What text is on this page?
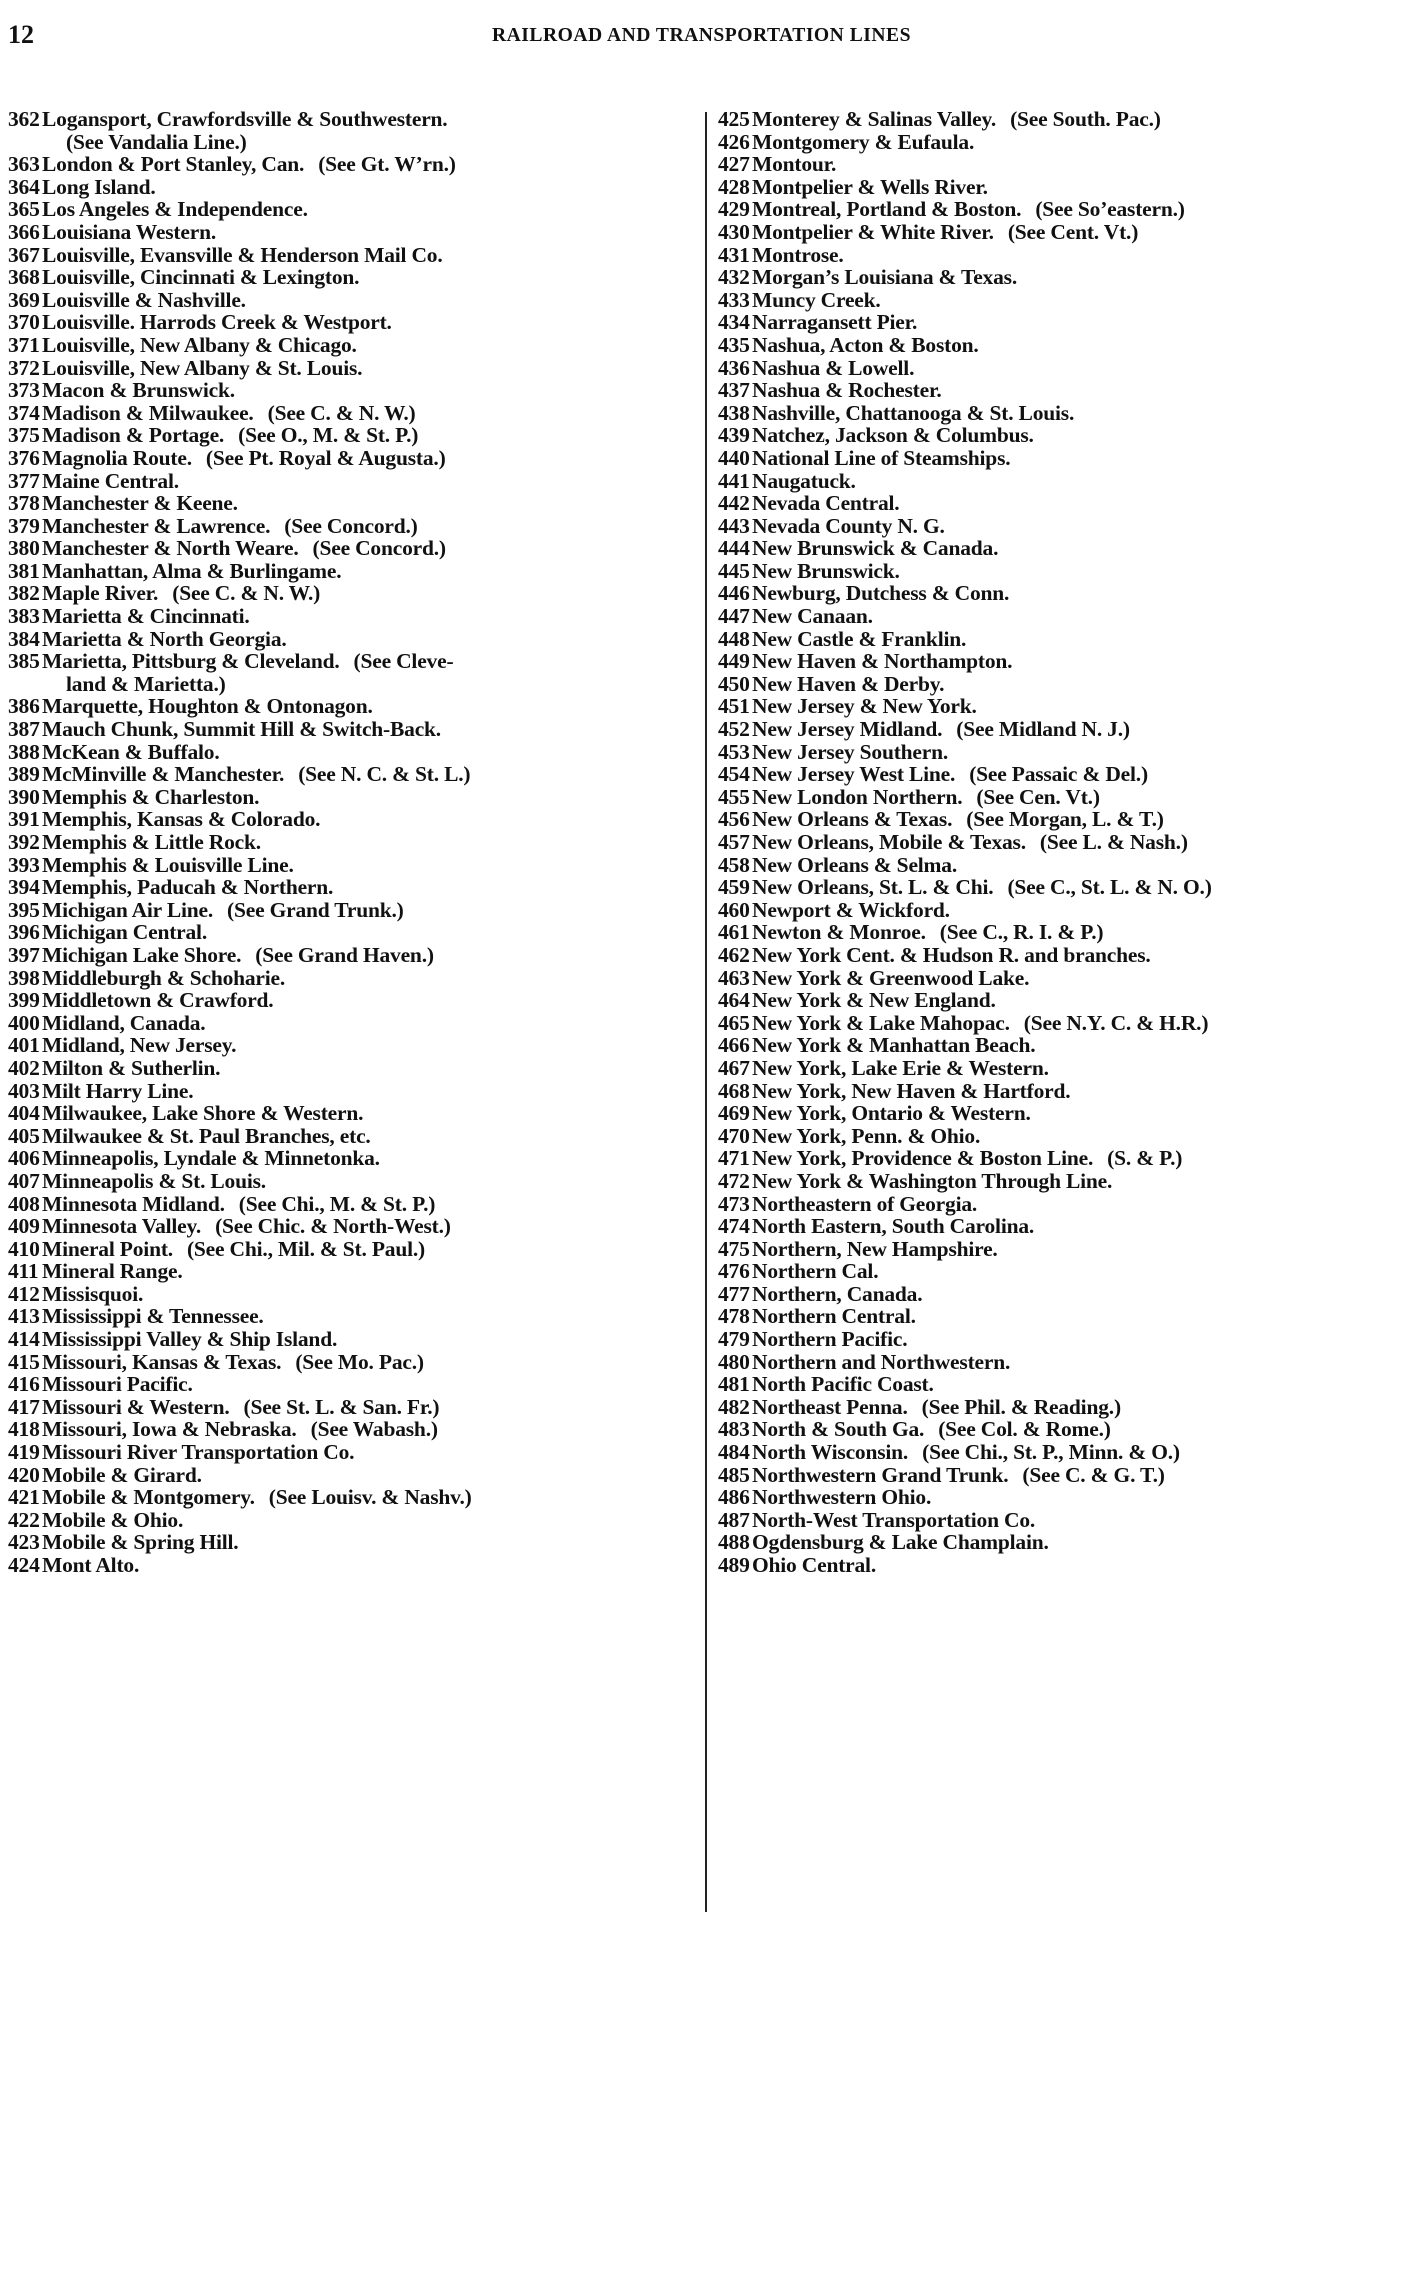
12	RAILROAD AND TRANSPORTATION LINES
362 Logansport, Crawfordsville & Southwestern.
(See Vandalia Line.)
363 London & Port Stanley, Can. (See Gt. W’rn.)
364 Long Island.
365 Los Angeles & Independence.
366 Louisiana Western.
367 Louisville, Evansville & Henderson Mail Co.
368 Louisville, Cincinnati & Lexington.
369 Louisville & Nashville.
370 Louisville. Harrods Creek & Westport.
371 Louisville, New Albany & Chicago.
372 Louisville, New Albany & St. Louis.
373 Macon & Brunswick.
374 Madison & Milwaukee. (See C. & N. W.)
375 Madison & Portage. (See O., M. & St. P.)
376 Magnolia Route. (See Pt. Royal & Augusta.)
377 Maine Central.
378 Manchester & Keene.
379 Manchester & Lawrence. (See Concord.)
380 Manchester & North Weare. (See Concord.)
381 Manhattan, Alma & Burlingame.
382 Maple River. (See C. & N. W.)
383 Marietta & Cincinnati.
384 Marietta & North Georgia.
385 Marietta, Pittsburg & Cleveland. (See Cleve-
land & Marietta.)
386 Marquette, Houghton & Ontonagon.
387 Mauch Chunk, Summit Hill & Switch-Back.
388 McKean & Buffalo.
389 McMinville & Manchester. (See N. C. & St. L.)
390 Memphis & Charleston.
391 Memphis, Kansas & Colorado.
392 Memphis & Little Rock.
393 Memphis & Louisville Line.
394 Memphis, Paducah & Northern.
395 Michigan Air Line. (See Grand Trunk.)
396 Michigan Central.
397 Michigan Lake Shore. (See Grand Haven.)
398 Middleburgh & Schoharie.
399 Middletown & Crawford.
400 Midland, Canada.
401 Midland, New Jersey.
402 Milton & Sutherlin.
403 Milt Harry Line.
404 Milwaukee, Lake Shore & Western.
405 Milwaukee & St. Paul Branches, etc.
406 Minneapolis, Lyndale & Minnetonka.
407 Minneapolis & St. Louis.
408 Minnesota Midland. (See Chi., M. & St. P.)
409 Minnesota Valley. (See Chic. & North-West.)
410 Mineral Point. (See Chi., Mil. & St. Paul.)
411 Mineral Range.
412 Missisquoi.
413 Mississippi & Tennessee.
414 Mississippi Valley & Ship Island.
415 Missouri, Kansas & Texas. (See Mo. Pac.)
416 Missouri Pacific.
417 Missouri & Western. (See St. L. & San. Fr.)
418 Missouri, Iowa & Nebraska. (See Wabash.)
419 Missouri River Transportation Co.
420 Mobile & Girard.
421 Mobile & Montgomery. (See Louisv. & Nashv.)
422 Mobile & Ohio.
423 Mobile & Spring Hill.
424 Mont Alto.
425 Monterey & Salinas Valley. (See South. Pac.)
426 Montgomery & Eufaula.
427 Montour.
428 Montpelier & Wells River.
429 Montreal, Portland & Boston. (See So’eastern.)
430 Montpelier & White River. (See Cent. Vt.)
431 Montrose.
432 Morgan’s Louisiana & Texas.
433 Muncy Creek.
434 Narragansett Pier.
435 Nashua, Acton & Boston.
436 Nashua & Lowell.
437 Nashua & Rochester.
438 Nashville, Chattanooga & St. Louis.
439 Natchez, Jackson & Columbus.
440 National Line of Steamships.
441 Naugatuck.
442 Nevada Central.
443 Nevada County N. G.
444 New Brunswick & Canada.
445 New Brunswick.
446 Newburg, Dutchess & Conn.
447 New Canaan.
448 New Castle & Franklin.
449 New Haven & Northampton.
450 New Haven & Derby.
451 New Jersey & New York.
452 New Jersey Midland. (See Midland N. J.)
453 New Jersey Southern.
454 New Jersey West Line. (See Passaic & Del.)
455 New London Northern. (See Cen. Vt.)
456 New Orleans & Texas. (See Morgan, L. & T.)
457 New Orleans, Mobile & Texas. (See L. & Nash.)
458 New Orleans & Selma.
459 New Orleans, St. L. & Chi. (See C., St. L. & N. O.)
460 Newport & Wickford.
461 Newton & Monroe. (See C., R. I. & P.)
462 New York Cent. & Hudson R. and branches.
463 New York & Greenwood Lake.
464 New York & New England.
465 New York & Lake Mahopac. (See N.Y. C. & H.R.)
466 New York & Manhattan Beach.
467 New York, Lake Erie & Western.
468 New York, New Haven & Hartford.
469 New York, Ontario & Western.
470 New York, Penn. & Ohio.
471 New York, Providence & Boston Line. (S. & P.)
472 New York & Washington Through Line.
473 Northeastern of Georgia.
474 North Eastern, South Carolina.
475 Northern, New Hampshire.
476 Northern Cal.
477 Northern, Canada.
478 Northern Central.
479 Northern Pacific.
480 Northern and Northwestern.
481 North Pacific Coast.
482 Northeast Penna. (See Phil. & Reading.)
483 North & South Ga. (See Col. & Rome.)
484 North Wisconsin. (See Chi., St. P., Minn. & O.)
485 Northwestern Grand Trunk. (See C. & G. T.)
486 Northwestern Ohio.
487 North-West Transportation Co.
488 Ogdensburg & Lake Champlain.
489 Ohio Central.
